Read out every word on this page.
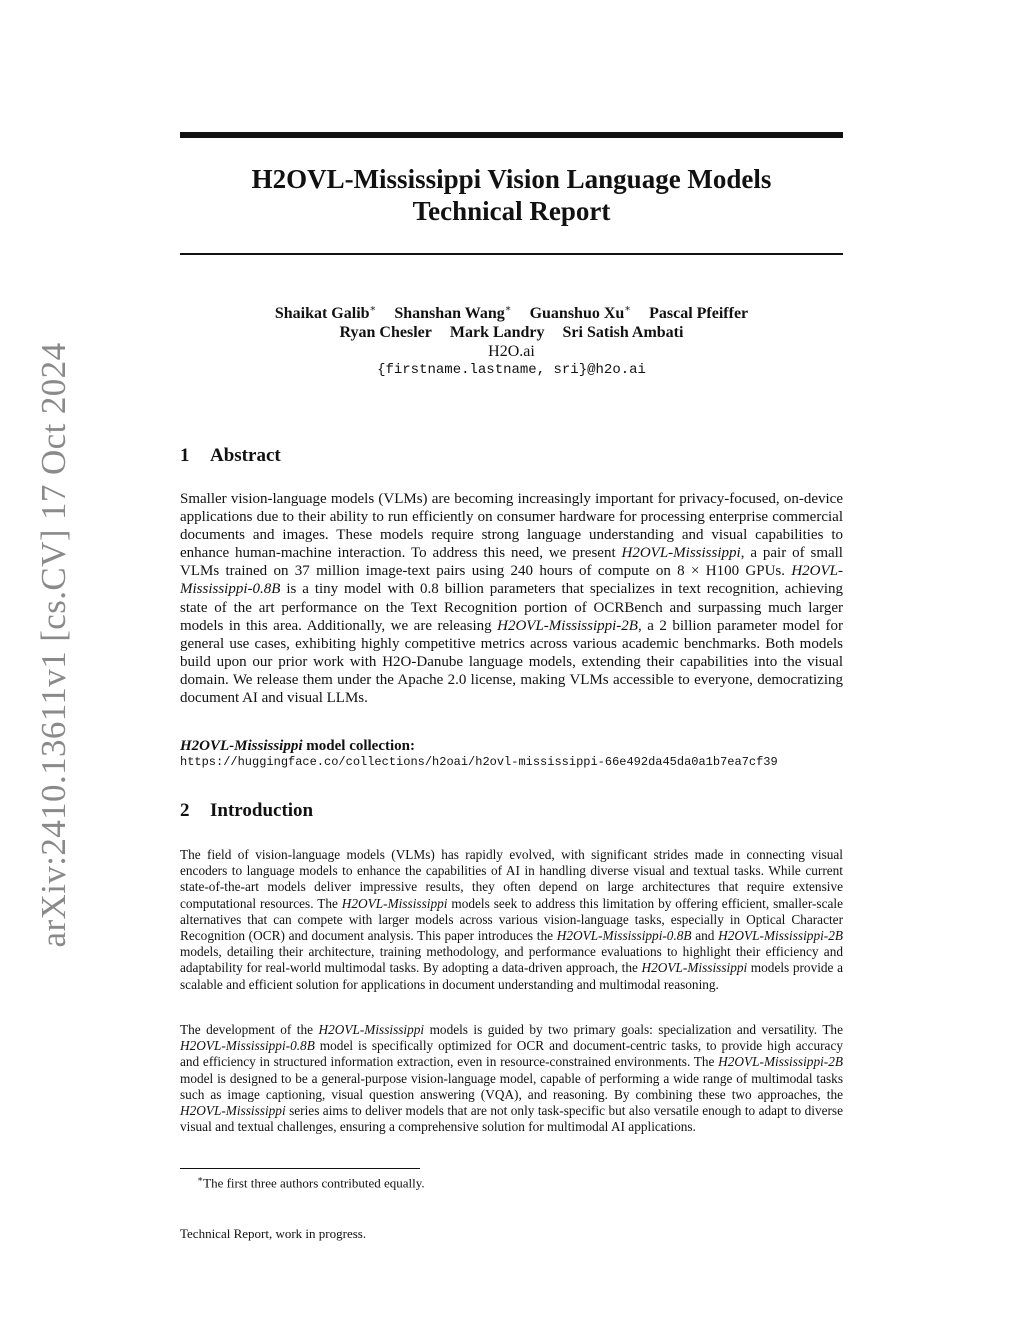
arXiv:2410.13611v1 [cs.CV] 17 Oct 2024
H2OVL-Mississippi Vision Language Models
Technical Report
Shaikat Galib∗ Shanshan Wang∗ Guanshuo Xu∗ Pascal Pfeiffer
Ryan Chesler Mark Landry Sri Satish Ambati
H2O.ai
{firstname.lastname, sri}@h2o.ai
1 Abstract
Smaller vision-language models (VLMs) are becoming increasingly important for privacy-focused, on-device applications due to their ability to run efficiently on consumer hardware for processing enterprise commercial documents and images. These models require strong language understanding and visual capabilities to enhance human-machine interaction. To address this need, we present H2OVL-Mississippi, a pair of small VLMs trained on 37 million image-text pairs using 240 hours of compute on 8 × H100 GPUs. H2OVL-Mississippi-0.8B is a tiny model with 0.8 billion parameters that specializes in text recognition, achieving state of the art performance on the Text Recognition portion of OCRBench and surpassing much larger models in this area. Additionally, we are releasing H2OVL-Mississippi-2B, a 2 billion parameter model for general use cases, exhibiting highly competitive metrics across various academic benchmarks. Both models build upon our prior work with H2O-Danube language models, extending their capabilities into the visual domain. We release them under the Apache 2.0 license, making VLMs accessible to everyone, democratizing document AI and visual LLMs.
H2OVL-Mississippi model collection:
https://huggingface.co/collections/h2oai/h2ovl-mississippi-66e492da45da0a1b7ea7cf39
2 Introduction
The field of vision-language models (VLMs) has rapidly evolved, with significant strides made in connecting visual encoders to language models to enhance the capabilities of AI in handling diverse visual and textual tasks. While current state-of-the-art models deliver impressive results, they often depend on large architectures that require extensive computational resources. The H2OVL-Mississippi models seek to address this limitation by offering efficient, smaller-scale alternatives that can compete with larger models across various vision-language tasks, especially in Optical Character Recognition (OCR) and document analysis. This paper introduces the H2OVL-Mississippi-0.8B and H2OVL-Mississippi-2B models, detailing their architecture, training methodology, and performance evaluations to highlight their efficiency and adaptability for real-world multimodal tasks. By adopting a data-driven approach, the H2OVL-Mississippi models provide a scalable and efficient solution for applications in document understanding and multimodal reasoning.
The development of the H2OVL-Mississippi models is guided by two primary goals: specialization and versatility. The H2OVL-Mississippi-0.8B model is specifically optimized for OCR and document-centric tasks, to provide high accuracy and efficiency in structured information extraction, even in resource-constrained environments. The H2OVL-Mississippi-2B model is designed to be a general-purpose vision-language model, capable of performing a wide range of multimodal tasks such as image captioning, visual question answering (VQA), and reasoning. By combining these two approaches, the H2OVL-Mississippi series aims to deliver models that are not only task-specific but also versatile enough to adapt to diverse visual and textual challenges, ensuring a comprehensive solution for multimodal AI applications.
∗The first three authors contributed equally.
Technical Report, work in progress.
